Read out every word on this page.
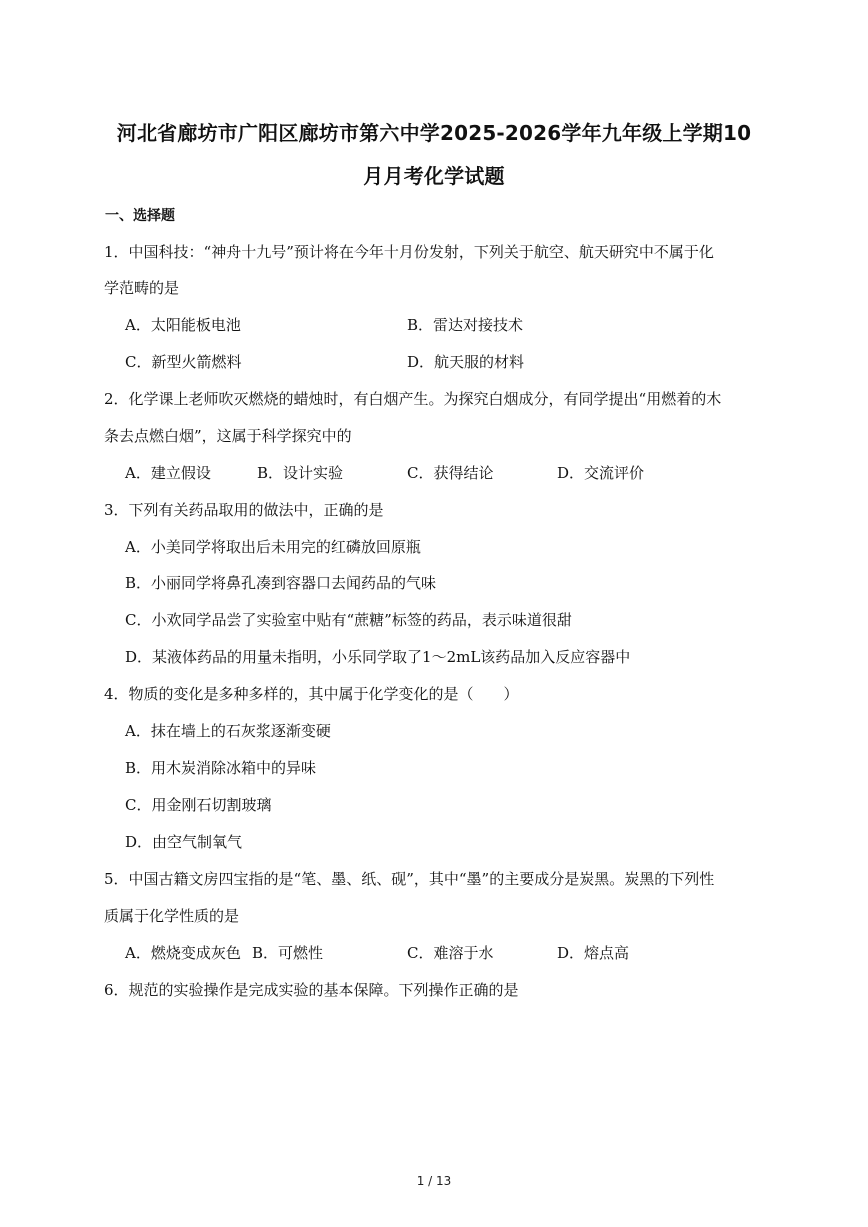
河北省廊坊市广阳区廊坊市第六中学2025-2026学年九年级上学期10
月月考化学试题
一、选择题
1．中国科技：“神舟十九号”预计将在今年十月份发射，下列关于航空、航天研究中不属于化
学范畴的是
A．太阳能板电池	B．雷达对接技术
C．新型火箭燃料	D．航天服的材料
2．化学课上老师吹灭燃烧的蜡烛时，有白烟产生。为探究白烟成分，有同学提出“用燃着的木
条去点燃白烟”，这属于科学探究中的
A．建立假设	B．设计实验	C．获得结论	D．交流评价
3．下列有关药品取用的做法中，正确的是
A．小美同学将取出后未用完的红磷放回原瓶
B．小丽同学将鼻孔凑到容器口去闻药品的气味
C．小欢同学品尝了实验室中贴有“蔗糖”标签的药品，表示味道很甜
D．某液体药品的用量未指明，小乐同学取了1～2mL该药品加入反应容器中
4．物质的变化是多种多样的，其中属于化学变化的是（　　）
A．抹在墙上的石灰浆逐渐变硬
B．用木炭消除冰箱中的异味
C．用金刚石切割玻璃
D．由空气制氧气
5．中国古籍文房四宝指的是“笔、墨、纸、砚”，其中“墨”的主要成分是炭黑。炭黑的下列性
质属于化学性质的是
A．燃烧变成灰色 B．可燃性	C．难溶于水	D．熔点高
6．规范的实验操作是完成实验的基本保障。下列操作正确的是
1 / 13
